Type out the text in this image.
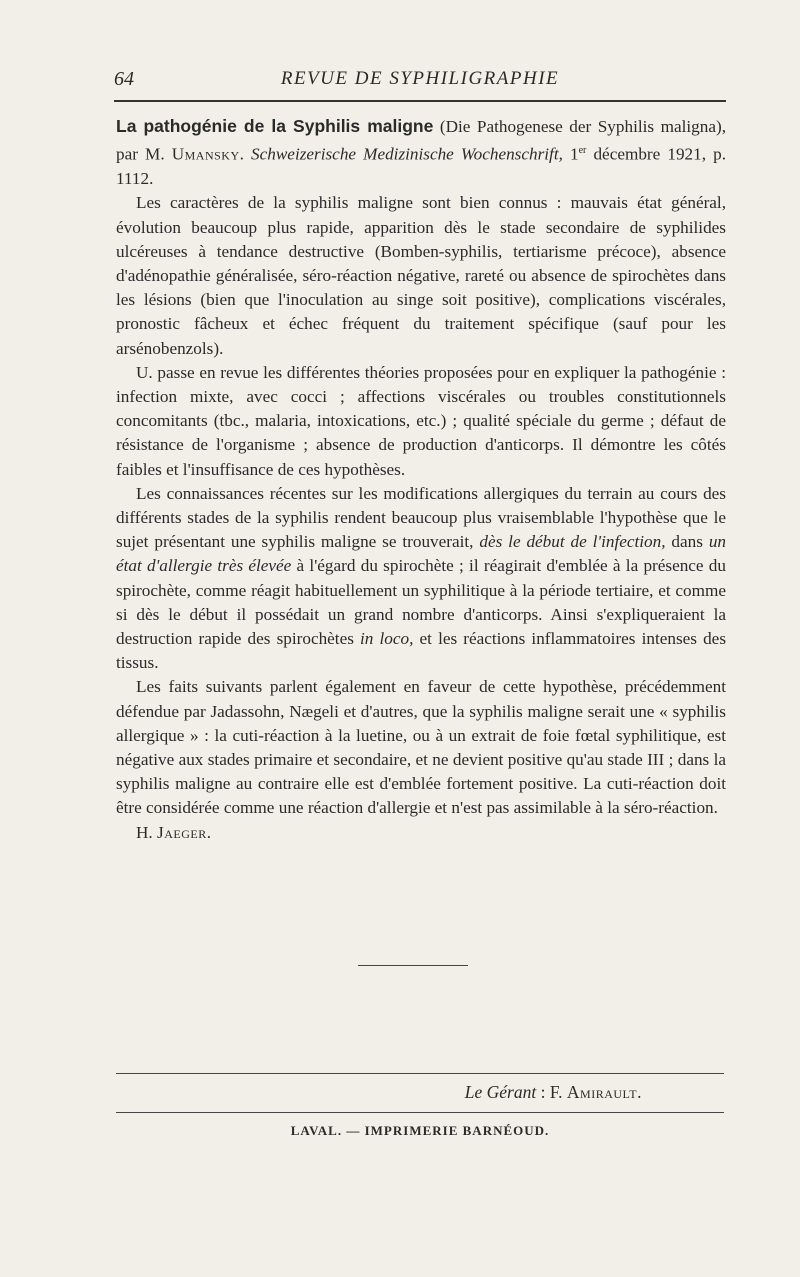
64	REVUE DE SYPHILIGRAPHIE

La pathogénie de la Syphilis maligne (Die Pathogenese der Syphilis maligna), par M. Umansky. Schweizerische Medizinische Wochenschrift, 1er décembre 1921, p. 1112.

Les caractères de la syphilis maligne sont bien connus : mauvais état général, évolution beaucoup plus rapide, apparition dès le stade secondaire de syphilides ulcéreuses à tendance destructive (Bomben-syphilis, tertiarisme précoce), absence d'adénopathie généralisée, séro-réaction négative, rareté ou absence de spirochètes dans les lésions (bien que l'inoculation au singe soit positive), complications viscérales, pronostic fâcheux et échec fréquent du traitement spécifique (sauf pour les arsénobenzols).

U. passe en revue les différentes théories proposées pour en expliquer la pathogénie : infection mixte, avec cocci ; affections viscérales ou troubles constitutionnels concomitants (tbc., malaria, intoxications, etc.) ; qualité spéciale du germe ; défaut de résistance de l'organisme ; absence de production d'anticorps. Il démontre les côtés faibles et l'insuffisance de ces hypothèses.

Les connaissances récentes sur les modifications allergiques du terrain au cours des différents stades de la syphilis rendent beaucoup plus vraisemblable l'hypothèse que le sujet présentant une syphilis maligne se trouverait, dès le début de l'infection, dans un état d'allergie très élevée à l'égard du spirochète ; il réagirait d'emblée à la présence du spirochète, comme réagit habituellement un syphilitique à la période tertiaire, et comme si dès le début il possédait un grand nombre d'anticorps. Ainsi s'expliqueraient la destruction rapide des spirochètes in loco, et les réactions inflammatoires intenses des tissus.

Les faits suivants parlent également en faveur de cette hypothèse, précédemment défendue par Jadassohn, Nægeli et d'autres, que la syphilis maligne serait une « syphilis allergique » : la cuti-réaction à la luetine, ou à un extrait de foie fœtal syphilitique, est négative aux stades primaire et secondaire, et ne devient positive qu'au stade III ; dans la syphilis maligne au contraire elle est d'emblée fortement positive. La cuti-réaction doit être considérée comme une réaction d'allergie et n'est pas assimilable à la séro-réaction.

H. Jaeger.

Le Gérant : F. Amirault.
LAVAL. — IMPRIMERIE BARNÉOUD.
